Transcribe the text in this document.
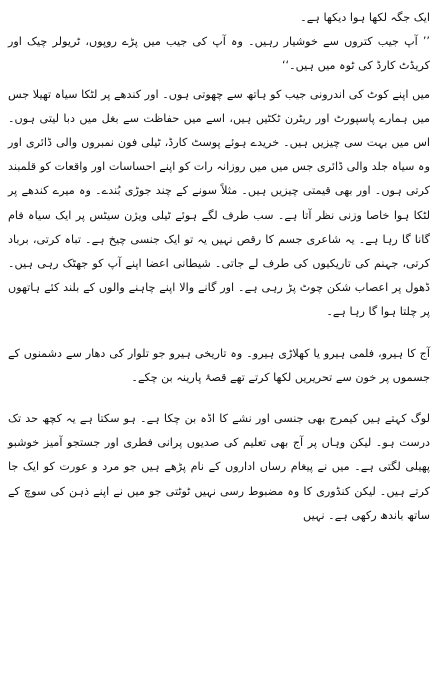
ایک جگہ لکھا ہوا دیکھا ہے۔

’’ آپ جیب کتروں سے خوشیار رہیں۔ وہ آپ کی جیب میں پڑے روپوں، ٹریولر چیک اور کریڈٹ کارڈ کی ٹوہ میں ہیں۔‘‘

میں اپنے کوٹ کی اندرونی جیب کو ہاتھ سے چھوتی ہوں۔ اور کندھے پر لٹکا سیاہ تھیلا جس میں ہمارے پاسپورٹ اور ریٹرن ٹکٹیں ہیں، اسے میں حفاظت سے بغل میں دبا لیتی ہوں۔ اس میں بہت سی چیزیں ہیں۔ خریدے ہوئے پوسٹ کارڈ، ٹیلی فون نمبروں والی ڈائری اور وہ سیاہ جلد والی ڈائری جس میں میں روزانہ رات کو اپنے احساسات اور واقعات کو قلمبند کرتی ہوں۔ اور بھی قیمتی چیزیں ہیں۔ مثلاً سونے کے چند جوڑی بُندے۔ وہ میرے کندھے پر لٹکا ہوا خاصا وزنی نظر آتا ہے۔ سب طرف لگے ہوئے ٹیلی ویژن سیٹس پر ایک سیاہ فام گانا گا رہا ہے۔ یہ شاعری جسم کا رقص نہیں یہ تو ایک جنسی چیخ ہے۔ تباہ کرتی، برباد کرتی، جہنم کی تاریکیوں کی طرف لے جاتی۔ شیطانی اعضا اپنے آپ کو جھٹک رہی ہیں۔ ڈھول پر اعصاب شکن چوٹ پڑ رہی ہے۔ اور گانے والا اپنے چاہنے والوں کے بلند کئے ہاتھوں پر چلتا ہوا گا رہا ہے۔

آج کا ہیرو، فلمی ہیرو یا کھلاڑی ہیرو۔ وہ تاریخی ہیرو جو تلوار کی دھار سے دشمنوں کے جسموں پر خون سے تحریریں لکھا کرتے تھے قصۂ پارینہ بن چکے۔

لوگ کہتے ہیں کیمرج بھی جنسی اور نشے کا اڈہ بن چکا ہے۔ ہو سکتا ہے یہ کچھ حد تک درست ہو۔ لیکن وہاں پر آج بھی تعلیم کی صدیوں پرانی فطری اور جستجو آمیز خوشبو پھیلی لگتی ہے۔ میں نے پیغام رساں اداروں کے نام پڑھے ہیں جو مرد و عورت کو ایک جا کرتے ہیں۔ لیکن کنڈوری کا وہ مضبوط رسی نہیں ٹوٹتی جو میں نے اپنے ذہن کی سوچ کے ساتھ باندھ رکھی ہے۔ نہیں
